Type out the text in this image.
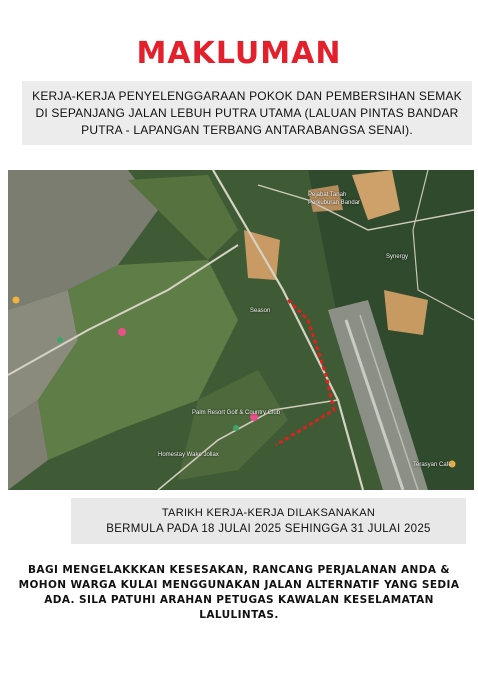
MAKLUMAN
KERJA-KERJA PENYELENGGARAAN POKOK DAN PEMBERSIHAN SEMAK DI SEPANJANG JALAN LEBUH PUTRA UTAMA (LALUAN PINTAS BANDAR PUTRA - LAPANGAN TERBANG ANTARABANGSA SENAI).
Pejabat Tanah
Perkuburan Bandar
Synergy
Season
Palm Resort Golf & Country Club
Homestay Wake Jollax
Terasyan Cafe
TARIKH KERJA-KERJA DILAKSANAKAN
BERMULA PADA 18 JULAI 2025 SEHINGGA 31 JULAI 2025
BAGI MENGELAKKKAN KESESAKAN, RANCANG PERJALANAN ANDA & MOHON WARGA KULAI MENGGUNAKAN JALAN ALTERNATIF YANG SEDIA ADA. SILA PATUHI ARAHAN PETUGAS KAWALAN KESELAMATAN LALULINTAS.
